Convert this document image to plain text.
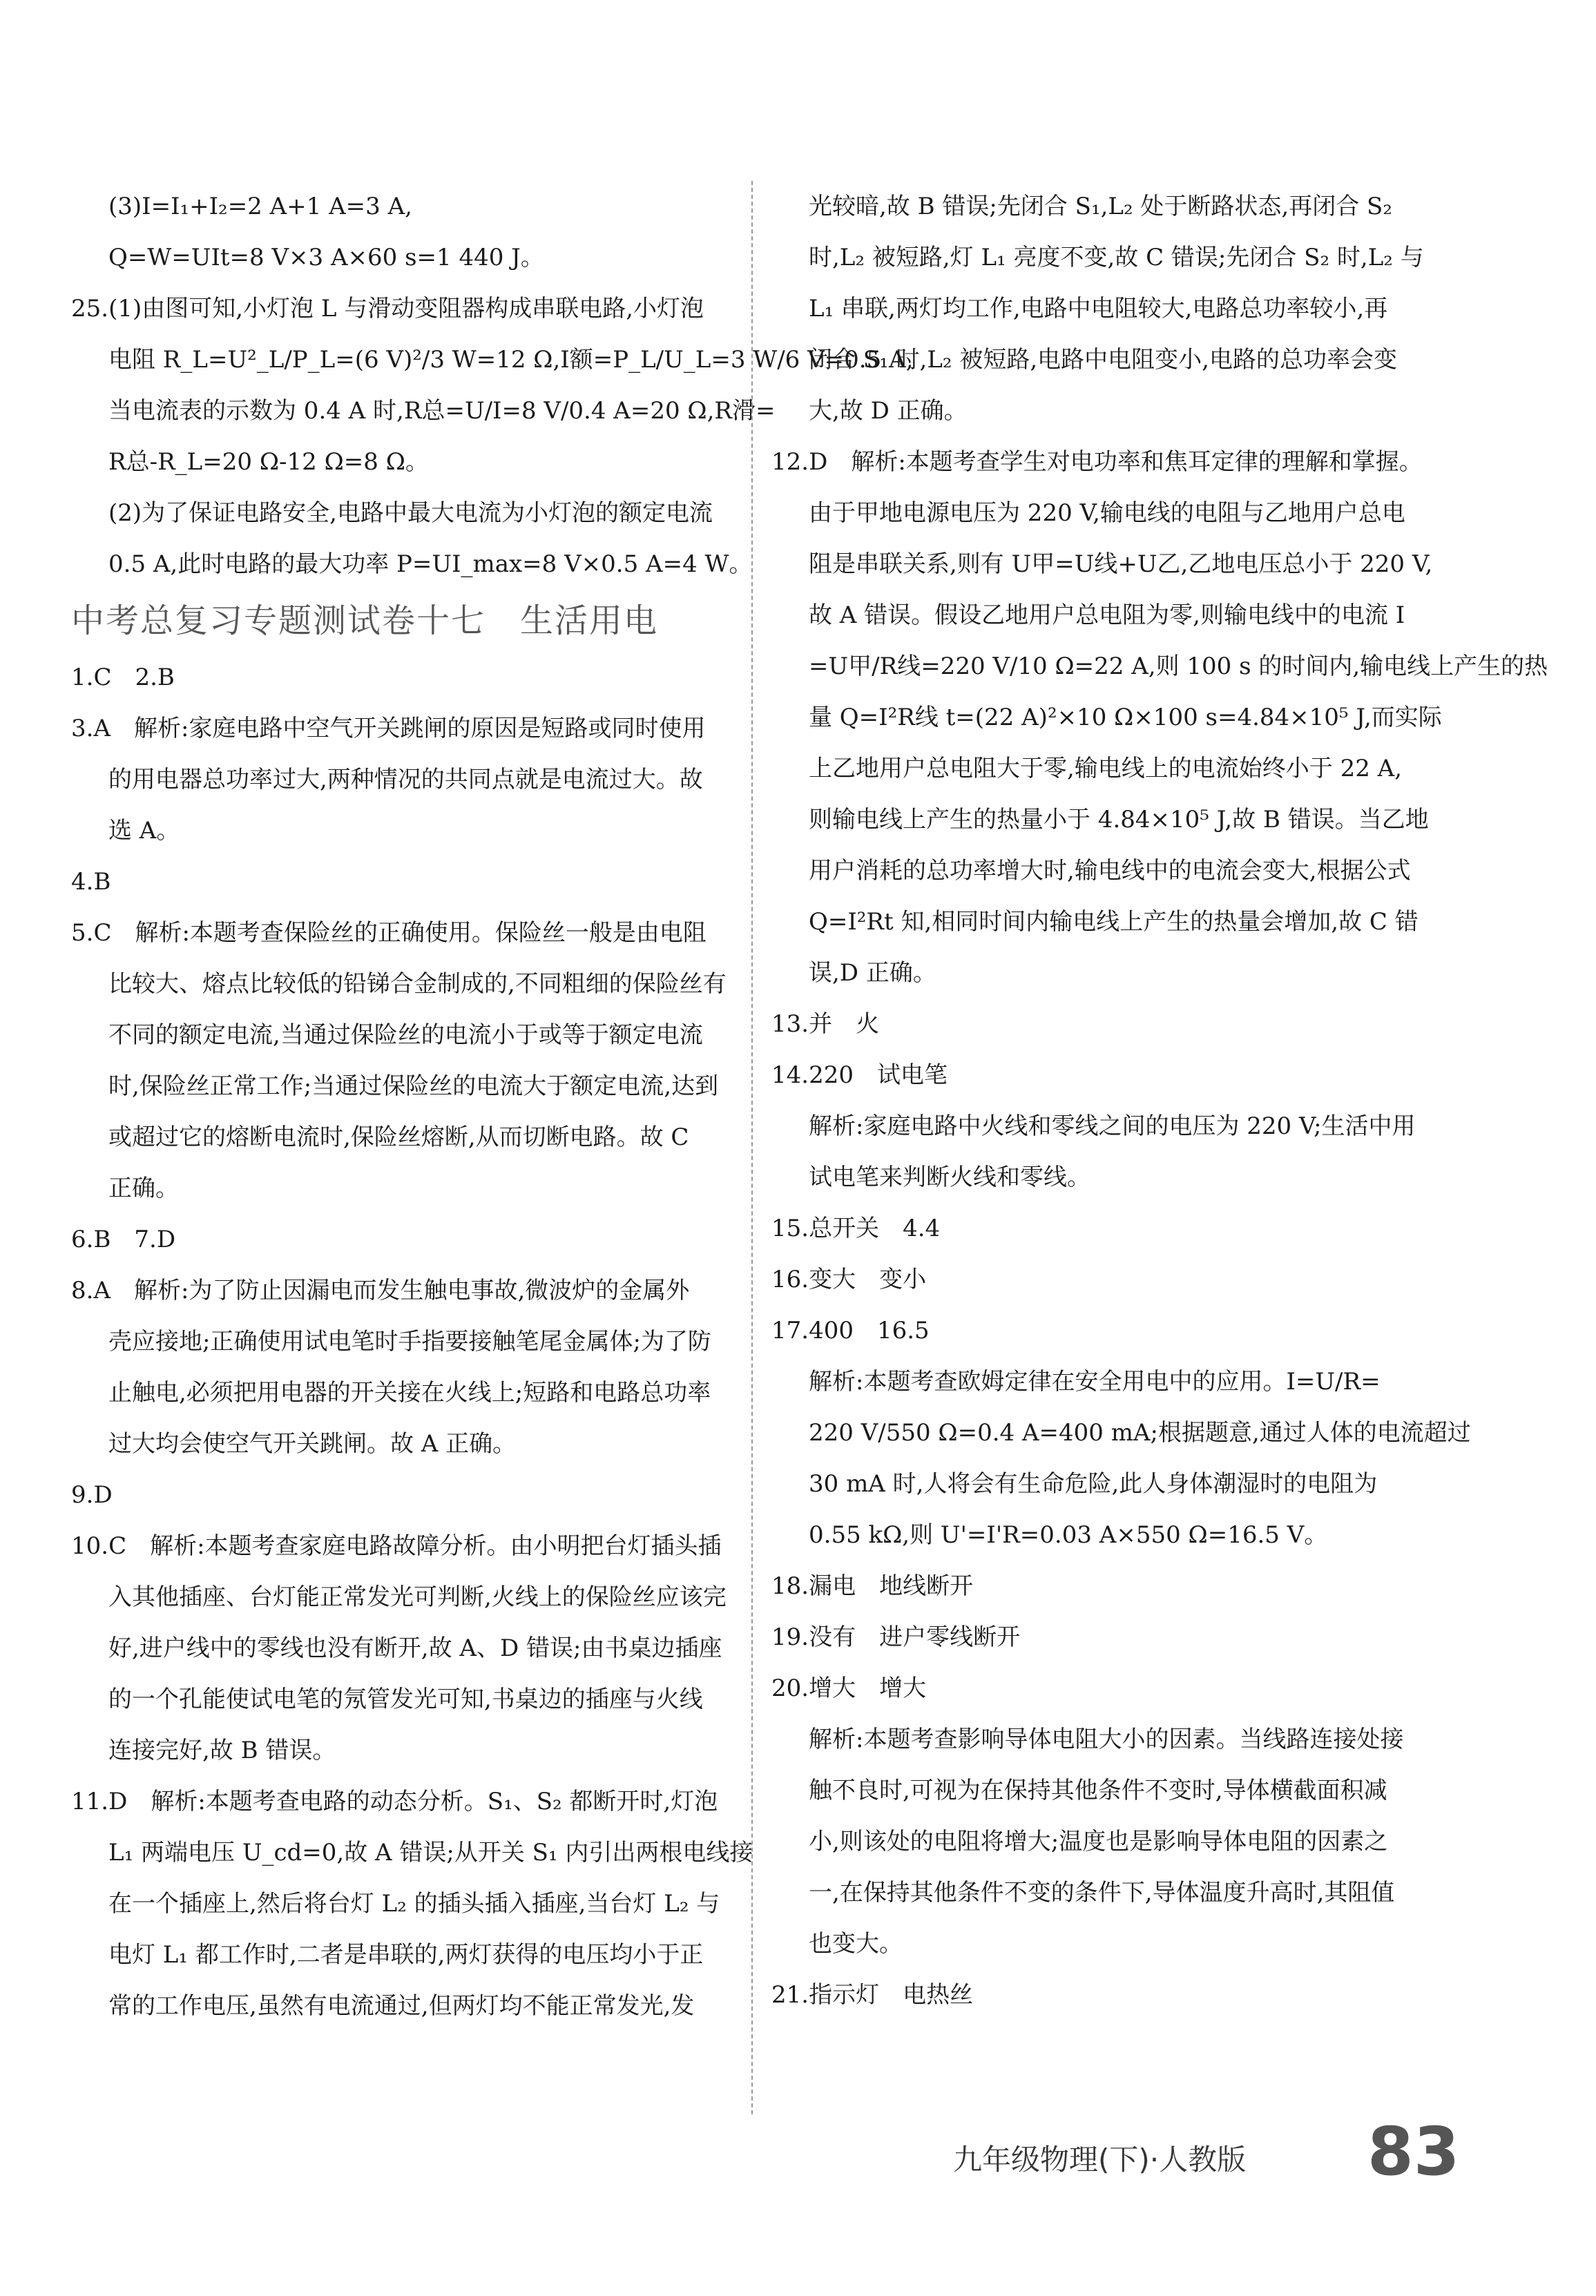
(3)I=I₁+I₂=2 A+1 A=3 A,
Q=W=UIt=8 V×3 A×60 s=1 440 J。
25.(1)由图可知,小灯泡 L 与滑动变阻器构成串联电路,小灯泡
电阻 R_L=U²_L/P_L=(6 V)²/3 W=12 Ω,I额=P_L/U_L=3 W/6 V=0.5 A,
当电流表的示数为 0.4 A 时,R总=U/I=8 V/0.4 A=20 Ω,R滑=
R总-R_L=20 Ω-12 Ω=8 Ω。
(2)为了保证电路安全,电路中最大电流为小灯泡的额定电流
0.5 A,此时电路的最大功率 P=UI_max=8 V×0.5 A=4 W。
中考总复习专题测试卷十七　生活用电
1.C　2.B
3.A　解析:家庭电路中空气开关跳闸的原因是短路或同时使用
的用电器总功率过大,两种情况的共同点就是电流过大。故
选 A。
4.B
5.C　解析:本题考查保险丝的正确使用。保险丝一般是由电阻
比较大、熔点比较低的铅锑合金制成的,不同粗细的保险丝有
不同的额定电流,当通过保险丝的电流小于或等于额定电流
时,保险丝正常工作;当通过保险丝的电流大于额定电流,达到
或超过它的熔断电流时,保险丝熔断,从而切断电路。故 C
正确。
6.B　7.D
8.A　解析:为了防止因漏电而发生触电事故,微波炉的金属外
壳应接地;正确使用试电笔时手指要接触笔尾金属体;为了防
止触电,必须把用电器的开关接在火线上;短路和电路总功率
过大均会使空气开关跳闸。故 A 正确。
9.D
10.C　解析:本题考查家庭电路故障分析。由小明把台灯插头插
入其他插座、台灯能正常发光可判断,火线上的保险丝应该完
好,进户线中的零线也没有断开,故 A、D 错误;由书桌边插座
的一个孔能使试电笔的氖管发光可知,书桌边的插座与火线
连接完好,故 B 错误。
11.D　解析:本题考查电路的动态分析。S₁、S₂ 都断开时,灯泡
L₁ 两端电压 U_cd=0,故 A 错误;从开关 S₁ 内引出两根电线接
在一个插座上,然后将台灯 L₂ 的插头插入插座,当台灯 L₂ 与
电灯 L₁ 都工作时,二者是串联的,两灯获得的电压均小于正
常的工作电压,虽然有电流通过,但两灯均不能正常发光,发
光较暗,故 B 错误;先闭合 S₁,L₂ 处于断路状态,再闭合 S₂
时,L₂ 被短路,灯 L₁ 亮度不变,故 C 错误;先闭合 S₂ 时,L₂ 与
L₁ 串联,两灯均工作,电路中电阻较大,电路总功率较小,再
闭合 S₁ 时,L₂ 被短路,电路中电阻变小,电路的总功率会变
大,故 D 正确。
12.D　解析:本题考查学生对电功率和焦耳定律的理解和掌握。
由于甲地电源电压为 220 V,输电线的电阻与乙地用户总电
阻是串联关系,则有 U甲=U线+U乙,乙地电压总小于 220 V,
故 A 错误。假设乙地用户总电阻为零,则输电线中的电流 I
=U甲/R线=220 V/10 Ω=22 A,则 100 s 的时间内,输电线上产生的热
量 Q=I²R线 t=(22 A)²×10 Ω×100 s=4.84×10⁵ J,而实际
上乙地用户总电阻大于零,输电线上的电流始终小于 22 A,
则输电线上产生的热量小于 4.84×10⁵ J,故 B 错误。当乙地
用户消耗的总功率增大时,输电线中的电流会变大,根据公式
Q=I²Rt 知,相同时间内输电线上产生的热量会增加,故 C 错
误,D 正确。
13.并　火
14.220　试电笔
解析:家庭电路中火线和零线之间的电压为 220 V;生活中用
试电笔来判断火线和零线。
15.总开关　4.4
16.变大　变小
17.400　16.5
解析:本题考查欧姆定律在安全用电中的应用。I=U/R=
220 V/550 Ω=0.4 A=400 mA;根据题意,通过人体的电流超过
30 mA 时,人将会有生命危险,此人身体潮湿时的电阻为
0.55 kΩ,则 U'=I'R=0.03 A×550 Ω=16.5 V。
18.漏电　地线断开
19.没有　进户零线断开
20.增大　增大
解析:本题考查影响导体电阻大小的因素。当线路连接处接
触不良时,可视为在保持其他条件不变时,导体横截面积减
小,则该处的电阻将增大;温度也是影响导体电阻的因素之
一,在保持其他条件不变的条件下,导体温度升高时,其阻值
也变大。
21.指示灯　电热丝
九年级物理(下)·人教版 83
